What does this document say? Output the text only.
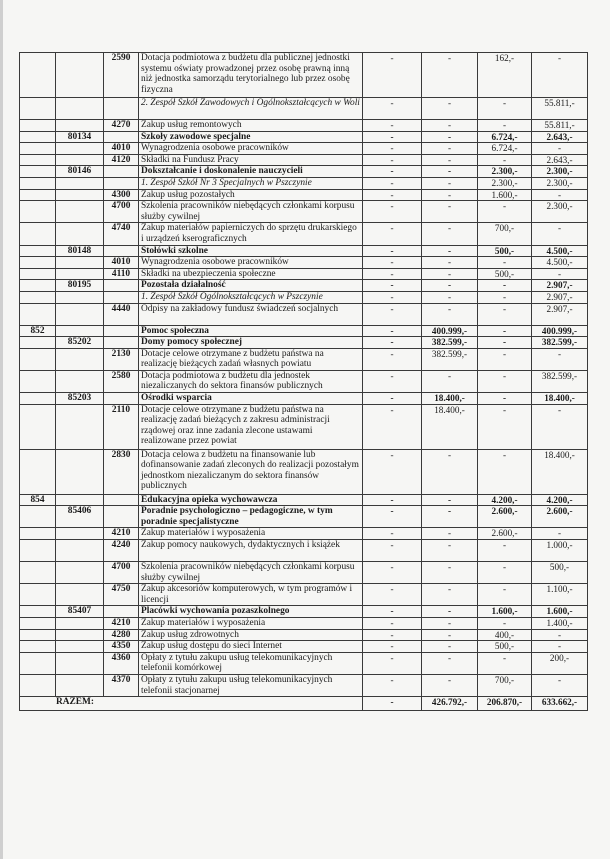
		2590	Dotacja podmiotowa z budżetu dla publicznej jednostki systemu oświaty prowadzonej przez osobę prawną inną niż jednostka samorządu terytorialnego lub przez osobę fizyczna	-	-	162,-	-
			2. Zespół Szkół Zawodowych i Ogólnokształcących w Woli	-	-	-	55.811,-
		4270	Zakup usług remontowych	-	-	-	55.811,-
	80134		Szkoły zawodowe specjalne	-	-	6.724,-	2.643,-
		4010	Wynagrodzenia osobowe pracowników	-	-	6.724,-	-
		4120	Składki na Fundusz Pracy	-	-	-	2.643,-
	80146		Dokształcanie i doskonalenie nauczycieli	-	-	2.300,-	2.300,-
			1. Zespół Szkół Nr 3 Specjalnych w Pszczynie	-	-	2.300,-	2.300,-
		4300	Zakup usług pozostałych	-	-	1.600,-	-
		4700	Szkolenia pracowników niebędących członkami korpusu służby cywilnej	-	-	-	2.300,-
		4740	Zakup materiałów papierniczych do sprzętu drukarskiego i urządzeń kserograficznych	-	-	700,-	-
	80148		Stołówki szkolne	-	-	500,-	4.500,-
		4010	Wynagrodzenia osobowe pracowników	-	-	-	4.500,-
		4110	Składki na ubezpieczenia społeczne	-	-	500,-	-
	80195		Pozostała działalność	-	-	-	2.907,-
			1. Zespół Szkół Ogólnokształcących w Pszczynie	-	-	-	2.907,-
		4440	Odpisy na zakładowy fundusz świadczeń socjalnych	-	-	-	2.907,-
852			Pomoc społeczna	-	400.999,-	-	400.999,-
	85202		Domy pomocy społecznej	-	382.599,-	-	382.599,-
		2130	Dotacje celowe otrzymane z budżetu państwa na realizację bieżących zadań własnych powiatu	-	382.599,-	-	-
		2580	Dotacja podmiotowa z budżetu dla jednostek niezaliczanych do sektora finansów publicznych	-	-	-	382.599,-
	85203		Ośrodki wsparcia	-	18.400,-	-	18.400,-
		2110	Dotacje celowe otrzymane z budżetu państwa na realizację zadań bieżących z zakresu administracji rządowej oraz inne zadania zlecone ustawami realizowane przez powiat	-	18.400,-	-	-
		2830	Dotacja celowa z budżetu na finansowanie lub dofinansowanie zadań zleconych do realizacji pozostałym jednostkom niezaliczanym do sektora finansów publicznych	-	-	-	18.400,-
854			Edukacyjna opieka wychowawcza	-	-	4.200,-	4.200,-
	85406		Poradnie psychologiczno – pedagogiczne, w tym poradnie specjalistyczne	-	-	2.600,-	2.600,-
		4210	Zakup materiałów i wyposażenia	-	-	2.600,-	-
		4240	Zakup pomocy naukowych, dydaktycznych i książek	-	-	-	1.000,-
		4700	Szkolenia pracowników niebędących członkami korpusu służby cywilnej	-	-	-	500,-
		4750	Zakup akcesoriów komputerowych, w tym programów i licencji	-	-	-	1.100,-
	85407		Placówki wychowania pozaszkolnego	-	-	1.600,-	1.600,-
		4210	Zakup materiałów i wyposażenia	-	-	-	1.400,-
		4280	Zakup usług zdrowotnych	-	-	400,-	-
		4350	Zakup usług dostępu do sieci Internet	-	-	500,-	-
		4360	Opłaty z tytułu zakupu usług telekomunikacyjnych telefonii komórkowej	-	-	-	200,-
		4370	Opłaty z tytułu zakupu usług telekomunikacyjnych telefonii stacjonarnej	-	-	700,-	-
RAZEM:				-	426.792,-	206.870,-	633.662,-
